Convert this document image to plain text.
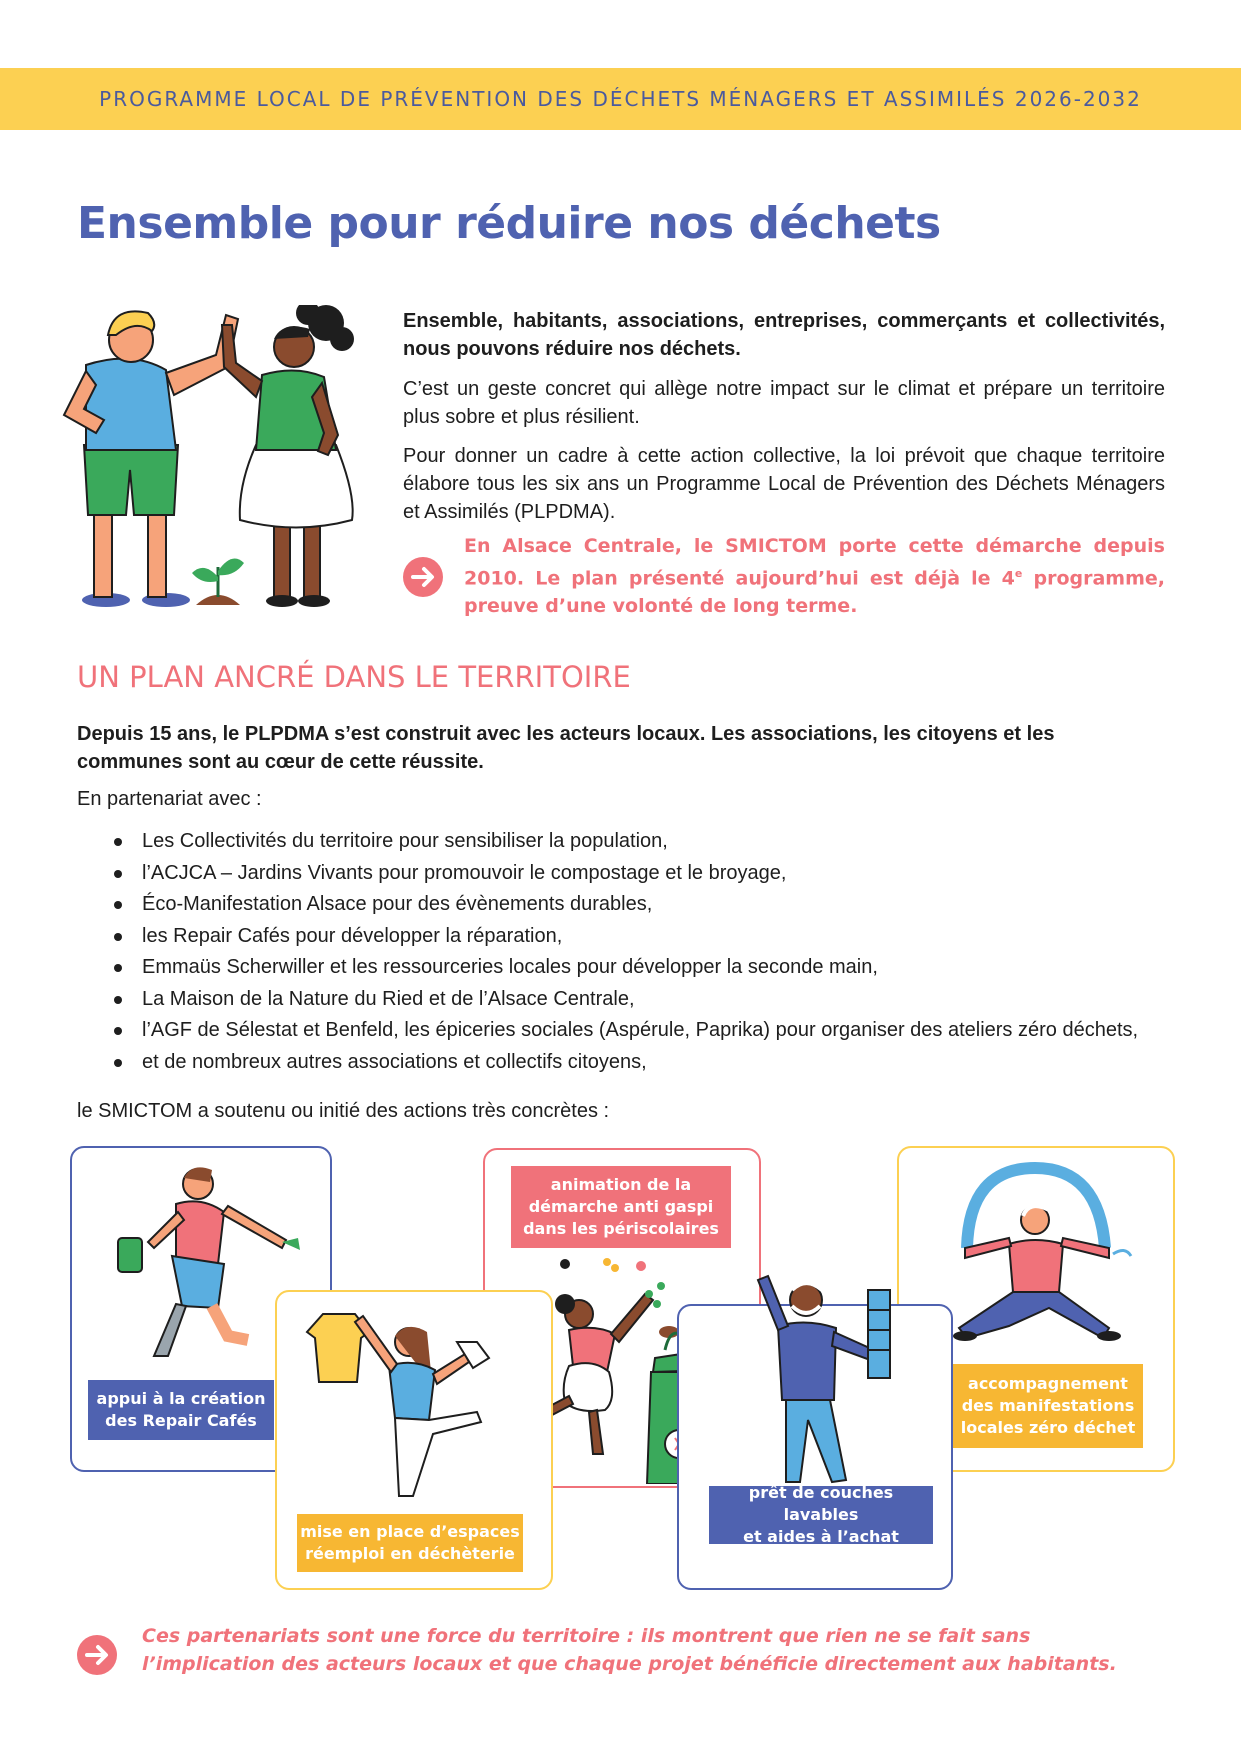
PROGRAMME LOCAL DE PRÉVENTION DES DÉCHETS MÉNAGERS ET ASSIMILÉS 2026-2032
Ensemble pour réduire nos déchets

Ensemble, habitants, associations, entreprises, commerçants et collectivités, nous pouvons réduire nos déchets.

C’est un geste concret qui allège notre impact sur le climat et prépare un territoire plus sobre et plus résilient.

Pour donner un cadre à cette action collective, la loi prévoit que chaque territoire élabore tous les six ans un Programme Local de Prévention des Déchets Ménagers et Assimilés (PLPDMA).

En Alsace Centrale, le SMICTOM porte cette démarche depuis 2010. Le plan présenté aujourd’hui est déjà le 4e programme, preuve d’une volonté de long terme.
UN PLAN ANCRÉ DANS LE TERRITOIRE

Depuis 15 ans, le PLPDMA s’est construit avec les acteurs locaux. Les associations, les citoyens et les communes sont au cœur de cette réussite.

En partenariat avec :

Les Collectivités du territoire pour sensibiliser la population,
l’ACJCA – Jardins Vivants pour promouvoir le compostage et le broyage,
Éco-Manifestation Alsace pour des évènements durables,
les Repair Cafés pour développer la réparation,
Emmaüs Scherwiller et les ressourceries locales pour développer la seconde main,
La Maison de la Nature du Ried et de l’Alsace Centrale,
l’AGF de Sélestat et Benfeld, les épiceries sociales (Aspérule, Paprika) pour organiser des ateliers zéro déchets,
et de nombreux autres associations et collectifs citoyens,

le SMICTOM a soutenu ou initié des actions très concrètes :

appui à la création
des Repair Cafés
animation de la
démarche anti gaspi
dans les périscolaires
accompagnement
des manifestations
locales zéro déchet
prêt de couches lavables
et aides à l’achat
mise en place d’espaces
réemploi en déchèterie
Ces partenariats sont une force du territoire : ils montrent que rien ne se fait sans l’implication des acteurs locaux et que chaque projet bénéficie directement aux habitants.
